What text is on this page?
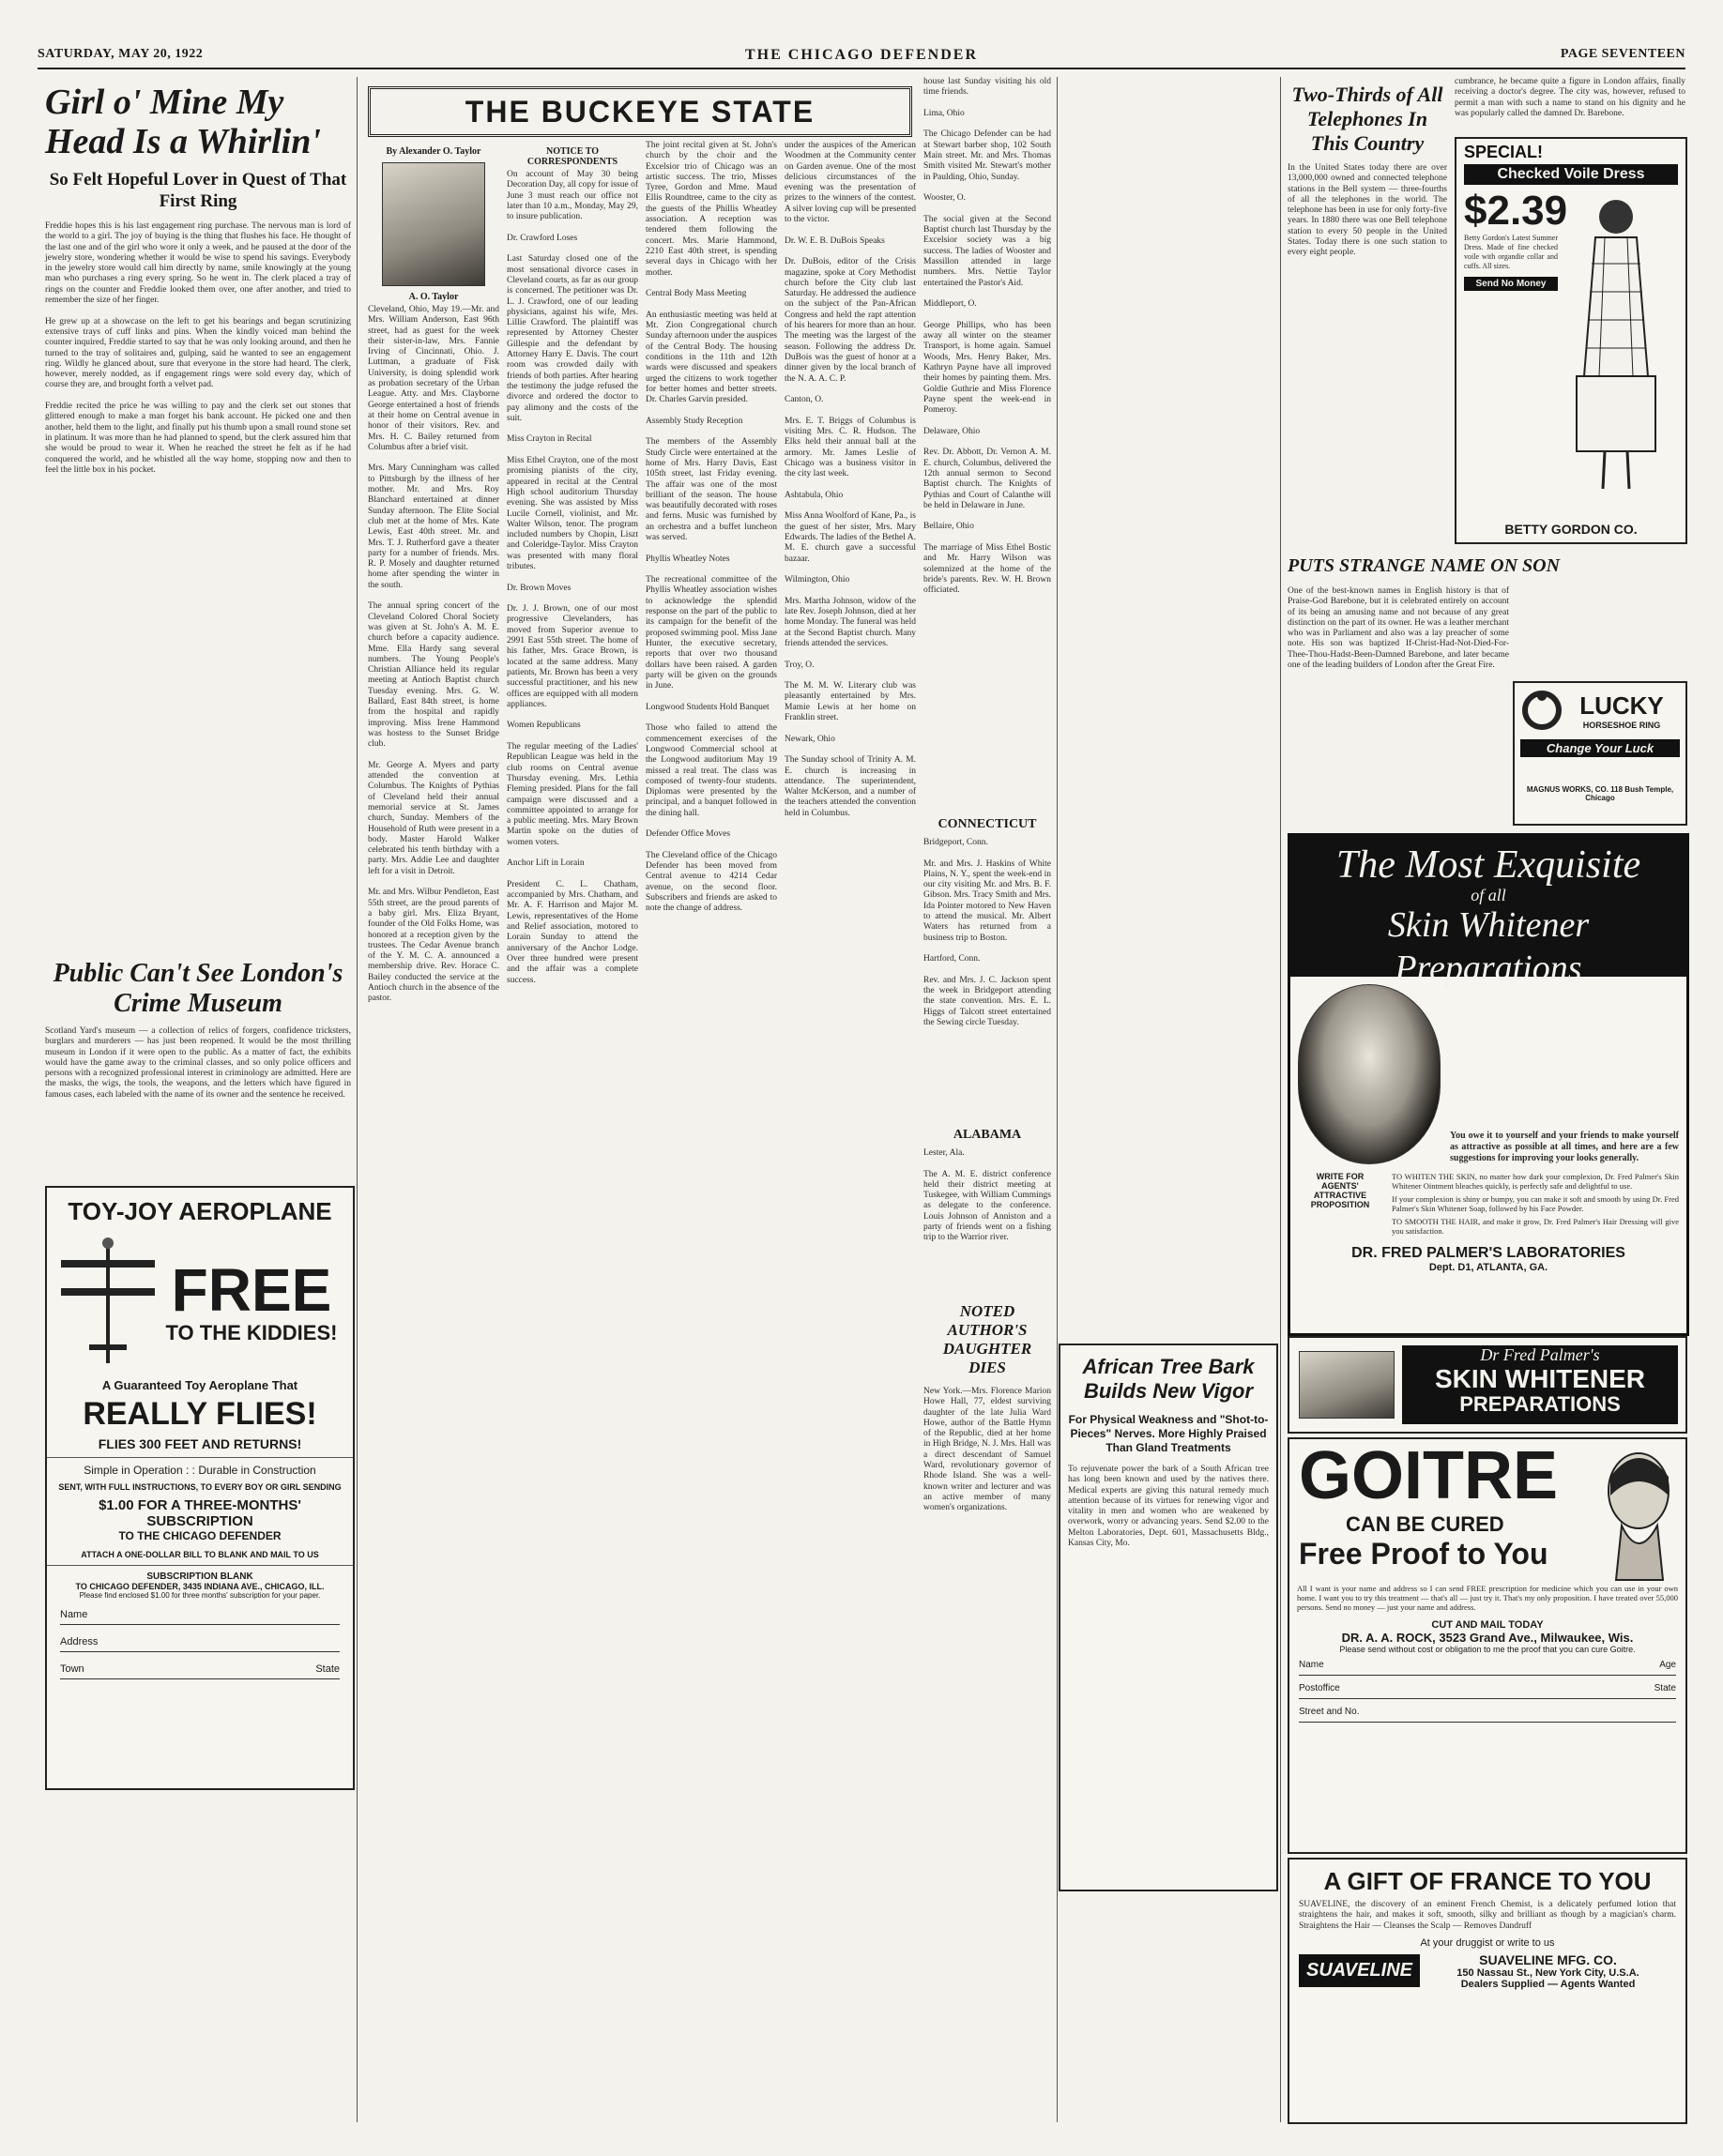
SATURDAY, MAY 20, 1922	THE CHICAGO DEFENDER	PAGE SEVENTEEN
Girl o' Mine My Head Is a Whirlin'
So Felt Hopeful Lover in Quest of That First Ring
Freddie hopes this is his last engagement ring purchase. The nervous man is lord of the world to a girl. The joy of buying is the thing that flushes his face. He thought of the last one and of the girl who wore it only a week, and he paused at the door of the jewelry store, wondering whether it would be wise to spend his savings. Everybody in the jewelry store would call him directly by name, smile knowingly at the young man who purchases a ring every spring. So he went in. The clerk placed a tray of rings on the counter and Freddie looked them over, one after another, and tried to remember the size of her finger.

He grew up at a showcase on the left to get his bearings and began scrutinizing extensive trays of cuff links and pins. When the kindly voiced man behind the counter inquired, Freddie started to say that he was only looking around, and then he turned to the tray of solitaires and, gulping, said he wanted to see an engagement ring. Wildly he glanced about, sure that everyone in the store had heard. The clerk, however, merely nodded, as if engagement rings were sold every day, which of course they are, and brought forth a velvet pad.

Freddie recited the price he was willing to pay and the clerk set out stones that glittered enough to make a man forget his bank account. He picked one and then another, held them to the light, and finally put his thumb upon a small round stone set in platinum. It was more than he had planned to spend, but the clerk assured him that she would be proud to wear it. When he reached the street he felt as if he had conquered the world, and he whistled all the way home, stopping now and then to feel the little box in his pocket.
Public Can't See London's Crime Museum
Scotland Yard's museum — a collection of relics of forgers, confidence tricksters, burglars and murderers — has just been reopened. It would be the most thrilling museum in London if it were open to the public. As a matter of fact, the exhibits would have the game away to the criminal classes, and so only police officers and persons with a recognized professional interest in criminology are admitted. Here are the masks, the wigs, the tools, the weapons, and the letters which have figured in famous cases, each labeled with the name of its owner and the sentence he received.
TOY-JOY AEROPLANE
FREE
TO THE KIDDIES!
A Guaranteed Toy Aeroplane That
REALLY FLIES!
FLIES 300 FEET AND RETURNS!
Simple in Operation : : Durable in Construction
SENT, WITH FULL INSTRUCTIONS, TO EVERY BOY OR GIRL SENDING
$1.00 FOR A THREE-MONTHS' SUBSCRIPTION
TO THE CHICAGO DEFENDER
ATTACH A ONE-DOLLAR BILL TO BLANK AND MAIL TO US
SUBSCRIPTION BLANK
TO CHICAGO DEFENDER, 3435 INDIANA AVE., CHICAGO, ILL.
Please find enclosed $1.00 for three months' subscription for your paper.
Name
Address
Town	State
THE BUCKEYE STATE
By Alexander O. Taylor
A. O. Taylor
Cleveland, Ohio, May 19.—Mr. and Mrs. William Anderson, East 96th street, had as guest for the week their sister-in-law, Mrs. Fannie Irving of Cincinnati, Ohio. J. Luttman, a graduate of Fisk University, is doing splendid work as probation secretary of the Urban League. Atty. and Mrs. Clayborne George entertained a host of friends at their home on Central avenue in honor of their visitors. Rev. and Mrs. H. C. Bailey returned from Columbus after a brief visit.

Mrs. Mary Cunningham was called to Pittsburgh by the illness of her mother. Mr. and Mrs. Roy Blanchard entertained at dinner Sunday afternoon. The Elite Social club met at the home of Mrs. Kate Lewis, East 40th street. Mr. and Mrs. T. J. Rutherford gave a theater party for a number of friends. Mrs. R. P. Mosely and daughter returned home after spending the winter in the south.

The annual spring concert of the Cleveland Colored Choral Society was given at St. John's A. M. E. church before a capacity audience. Mme. Ella Hardy sang several numbers. The Young People's Christian Alliance held its regular meeting at Antioch Baptist church Tuesday evening. Mrs. G. W. Ballard, East 84th street, is home from the hospital and rapidly improving. Miss Irene Hammond was hostess to the Sunset Bridge club.

Mr. George A. Myers and party attended the convention at Columbus. The Knights of Pythias of Cleveland held their annual memorial service at St. James church, Sunday. Members of the Household of Ruth were present in a body. Master Harold Walker celebrated his tenth birthday with a party. Mrs. Addie Lee and daughter left for a visit in Detroit.

Mr. and Mrs. Wilbur Pendleton, East 55th street, are the proud parents of a baby girl. Mrs. Eliza Bryant, founder of the Old Folks Home, was honored at a reception given by the trustees. The Cedar Avenue branch of the Y. M. C. A. announced a membership drive. Rev. Horace C. Bailey conducted the service at the Antioch church in the absence of the pastor.
NOTICE TO CORRESPONDENTS
On account of May 30 being Decoration Day, all copy for issue of June 3 must reach our office not later than 10 a.m., Monday, May 29, to insure publication.

Dr. Crawford Loses

Last Saturday closed one of the most sensational divorce cases in Cleveland courts, as far as our group is concerned. The petitioner was Dr. L. J. Crawford, one of our leading physicians, against his wife, Mrs. Lillie Crawford. The plaintiff was represented by Attorney Chester Gillespie and the defendant by Attorney Harry E. Davis. The court room was crowded daily with friends of both parties. After hearing the testimony the judge refused the divorce and ordered the doctor to pay alimony and the costs of the suit.

Miss Crayton in Recital

Miss Ethel Crayton, one of the most promising pianists of the city, appeared in recital at the Central High school auditorium Thursday evening. She was assisted by Miss Lucile Cornell, violinist, and Mr. Walter Wilson, tenor. The program included numbers by Chopin, Liszt and Coleridge-Taylor. Miss Crayton was presented with many floral tributes.

Dr. Brown Moves

Dr. J. J. Brown, one of our most progressive Clevelanders, has moved from Superior avenue to 2991 East 55th street. The home of his father, Mrs. Grace Brown, is located at the same address. Many patients, Mr. Brown has been a very successful practitioner, and his new offices are equipped with all modern appliances.

Women Republicans

The regular meeting of the Ladies' Republican League was held in the club rooms on Central avenue Thursday evening. Mrs. Lethia Fleming presided. Plans for the fall campaign were discussed and a committee appointed to arrange for a public meeting. Mrs. Mary Brown Martin spoke on the duties of women voters.

Anchor Lift in Lorain

President C. L. Chatham, accompanied by Mrs. Chatham, and Mr. A. F. Harrison and Major M. Lewis, representatives of the Home and Relief association, motored to Lorain Sunday to attend the anniversary of the Anchor Lodge. Over three hundred were present and the affair was a complete success.
The joint recital given at St. John's church by the choir and the Excelsior trio of Chicago was an artistic success. The trio, Misses Tyree, Gordon and Mme. Maud Ellis Roundtree, came to the city as the guests of the Phillis Wheatley association. A reception was tendered them following the concert. Mrs. Marie Hammond, 2210 East 40th street, is spending several days in Chicago with her mother.

Central Body Mass Meeting

An enthusiastic meeting was held at Mt. Zion Congregational church Sunday afternoon under the auspices of the Central Body. The housing conditions in the 11th and 12th wards were discussed and speakers urged the citizens to work together for better homes and better streets. Dr. Charles Garvin presided.

Assembly Study Reception

The members of the Assembly Study Circle were entertained at the home of Mrs. Harry Davis, East 105th street, last Friday evening. The affair was one of the most brilliant of the season. The house was beautifully decorated with roses and ferns. Music was furnished by an orchestra and a buffet luncheon was served.

Phyllis Wheatley Notes

The recreational committee of the Phyllis Wheatley association wishes to acknowledge the splendid response on the part of the public to its campaign for the benefit of the proposed swimming pool. Miss Jane Hunter, the executive secretary, reports that over two thousand dollars have been raised. A garden party will be given on the grounds in June.

Longwood Students Hold Banquet

Those who failed to attend the commencement exercises of the Longwood Commercial school at the Longwood auditorium May 19 missed a real treat. The class was composed of twenty-four students. Diplomas were presented by the principal, and a banquet followed in the dining hall.

Defender Office Moves

The Cleveland office of the Chicago Defender has been moved from Central avenue to 4214 Cedar avenue, on the second floor. Subscribers and friends are asked to note the change of address.
under the auspices of the American Woodmen at the Community center on Garden avenue. One of the most delicious circumstances of the evening was the presentation of prizes to the winners of the contest. A silver loving cup will be presented to the victor.

Dr. W. E. B. DuBois Speaks

Dr. DuBois, editor of the Crisis magazine, spoke at Cory Methodist church before the City club last Saturday. He addressed the audience on the subject of the Pan-African Congress and held the rapt attention of his hearers for more than an hour. The meeting was the largest of the season. Following the address Dr. DuBois was the guest of honor at a dinner given by the local branch of the N. A. A. C. P.

Canton, O.

Mrs. E. T. Briggs of Columbus is visiting Mrs. C. R. Hudson. The Elks held their annual ball at the armory. Mr. James Leslie of Chicago was a business visitor in the city last week.

Ashtabula, Ohio

Miss Anna Woolford of Kane, Pa., is the guest of her sister, Mrs. Mary Edwards. The ladies of the Bethel A. M. E. church gave a successful bazaar.

Wilmington, Ohio

Mrs. Martha Johnson, widow of the late Rev. Joseph Johnson, died at her home Monday. The funeral was held at the Second Baptist church. Many friends attended the services.

Troy, O.

The M. M. W. Literary club was pleasantly entertained by Mrs. Mamie Lewis at her home on Franklin street.

Newark, Ohio

The Sunday school of Trinity A. M. E. church is increasing in attendance. The superintendent, Walter McKerson, and a number of the teachers attended the convention held in Columbus.
house last Sunday visiting his old time friends.

Lima, Ohio

The Chicago Defender can be had at Stewart barber shop, 102 South Main street. Mr. and Mrs. Thomas Smith visited Mr. Stewart's mother in Paulding, Ohio, Sunday.

Wooster, O.

The social given at the Second Baptist church last Thursday by the Excelsior society was a big success. The ladies of Wooster and Massillon attended in large numbers. Mrs. Nettie Taylor entertained the Pastor's Aid.

Middleport, O.

George Phillips, who has been away all winter on the steamer Transport, is home again. Samuel Woods, Mrs. Henry Baker, Mrs. Kathryn Payne have all improved their homes by painting them. Mrs. Goldie Guthrie and Miss Florence Payne spent the week-end in Pomeroy.

Delaware, Ohio

Rev. Dr. Abbott, Dr. Vernon A. M. E. church, Columbus, delivered the 12th annual sermon to Second Baptist church. The Knights of Pythias and Court of Calanthe will be held in Delaware in June.

Bellaire, Ohio

The marriage of Miss Ethel Bostic and Mr. Harry Wilson was solemnized at the home of the bride's parents. Rev. W. H. Brown officiated.
CONNECTICUT
Bridgeport, Conn.

Mr. and Mrs. J. Haskins of White Plains, N. Y., spent the week-end in our city visiting Mr. and Mrs. B. F. Gibson. Mrs. Tracy Smith and Mrs. Ida Pointer motored to New Haven to attend the musical. Mr. Albert Waters has returned from a business trip to Boston.

Hartford, Conn.

Rev. and Mrs. J. C. Jackson spent the week in Bridgeport attending the state convention. Mrs. E. L. Higgs of Talcott street entertained the Sewing circle Tuesday.
ALABAMA
Lester, Ala.

The A. M. E. district conference held their district meeting at Tuskegee, with William Cummings as delegate to the conference. Louis Johnson of Anniston and a party of friends went on a fishing trip to the Warrior river.
NOTED AUTHOR'S DAUGHTER DIES
New York.—Mrs. Florence Marion Howe Hall, 77, eldest surviving daughter of the late Julia Ward Howe, author of the Battle Hymn of the Republic, died at her home in High Bridge, N. J. Mrs. Hall was a direct descendant of Samuel Ward, revolutionary governor of Rhode Island. She was a well-known writer and lecturer and was an active member of many women's organizations.
African Tree Bark Builds New Vigor
For Physical Weakness and "Shot-to-Pieces" Nerves. More Highly Praised Than Gland Treatments
To rejuvenate power the bark of a South African tree has long been known and used by the natives there. Medical experts are giving this natural remedy much attention because of its virtues for renewing vigor and vitality in men and women who are weakened by overwork, worry or advancing years. Send $2.00 to the Melton Laboratories, Dept. 601, Massachusetts Bldg., Kansas City, Mo.
Two-Thirds of All Telephones In This Country
In the United States today there are over 13,000,000 owned and connected telephone stations in the Bell system — three-fourths of all the telephones in the world. The telephone has been in use for only forty-five years. In 1880 there was one Bell telephone station to every 50 people in the United States. Today there is one such station to every eight people.
cumbrance, he became quite a figure in London affairs, finally receiving a doctor's degree. The city was, however, refused to permit a man with such a name to stand on his dignity and he was popularly called the damned Dr. Barebone.
SPECIAL!
Checked Voile Dress
$2.39
Betty Gordon's Latest Summer Dress. Made of fine checked voile with organdie collar and cuffs. All sizes.
Send No Money
BETTY GORDON CO.
PUTS STRANGE NAME ON SON
One of the best-known names in English history is that of Praise-God Barebone, but it is celebrated entirely on account of its being an amusing name and not because of any great distinction on the part of its owner. He was a leather merchant who was in Parliament and also was a lay preacher of some note. His son was baptized If-Christ-Had-Not-Died-For-Thee-Thou-Hadst-Been-Damned Barebone, and later became one of the leading builders of London after the Great Fire.
LUCKY
HORSESHOE RING
Change Your Luck
MAGNUS WORKS, CO. 118 Bush Temple, Chicago
The Most Exquisite
of all
Skin Whitener Preparations
You owe it to yourself and your friends to make yourself as attractive as possible at all times, and here are a few suggestions for improving your looks generally.
WRITE FOR AGENTS' ATTRACTIVE PROPOSITION
TO WHITEN THE SKIN, no matter how dark your complexion, Dr. Fred Palmer's Skin Whitener Ointment bleaches quickly, is perfectly safe and delightful to use.
If your complexion is shiny or bumpy, you can make it soft and smooth by using Dr. Fred Palmer's Skin Whitener Soap, followed by his Face Powder.
TO SMOOTH THE HAIR, and make it grow, Dr. Fred Palmer's Hair Dressing will give you satisfaction.
DR. FRED PALMER'S LABORATORIES
Dept. D1, ATLANTA, GA.
Dr Fred Palmer's
SKIN WHITENER
PREPARATIONS
GOITRE
CAN BE CURED
Free Proof to You
All I want is your name and address so I can send FREE prescription for medicine which you can use in your own home. I want you to try this treatment — that's all — just try it. That's my only proposition. I have treated over 55,000 persons. Send no money — just your name and address.
CUT AND MAIL TODAY
DR. A. A. ROCK, 3523 Grand Ave., Milwaukee, Wis.
Please send without cost or obligation to me the proof that you can cure Goitre.
Name	Age
Postoffice	State
Street and No.
A GIFT OF FRANCE TO YOU
SUAVELINE, the discovery of an eminent French Chemist, is a delicately perfumed lotion that straightens the hair, and makes it soft, smooth, silky and brilliant as though by a magician's charm. Straightens the Hair — Cleanses the Scalp — Removes Dandruff
At your druggist or write to us
SUAVELINE
SUAVELINE MFG. CO.
150 Nassau St., New York City, U.S.A.
Dealers Supplied — Agents Wanted
